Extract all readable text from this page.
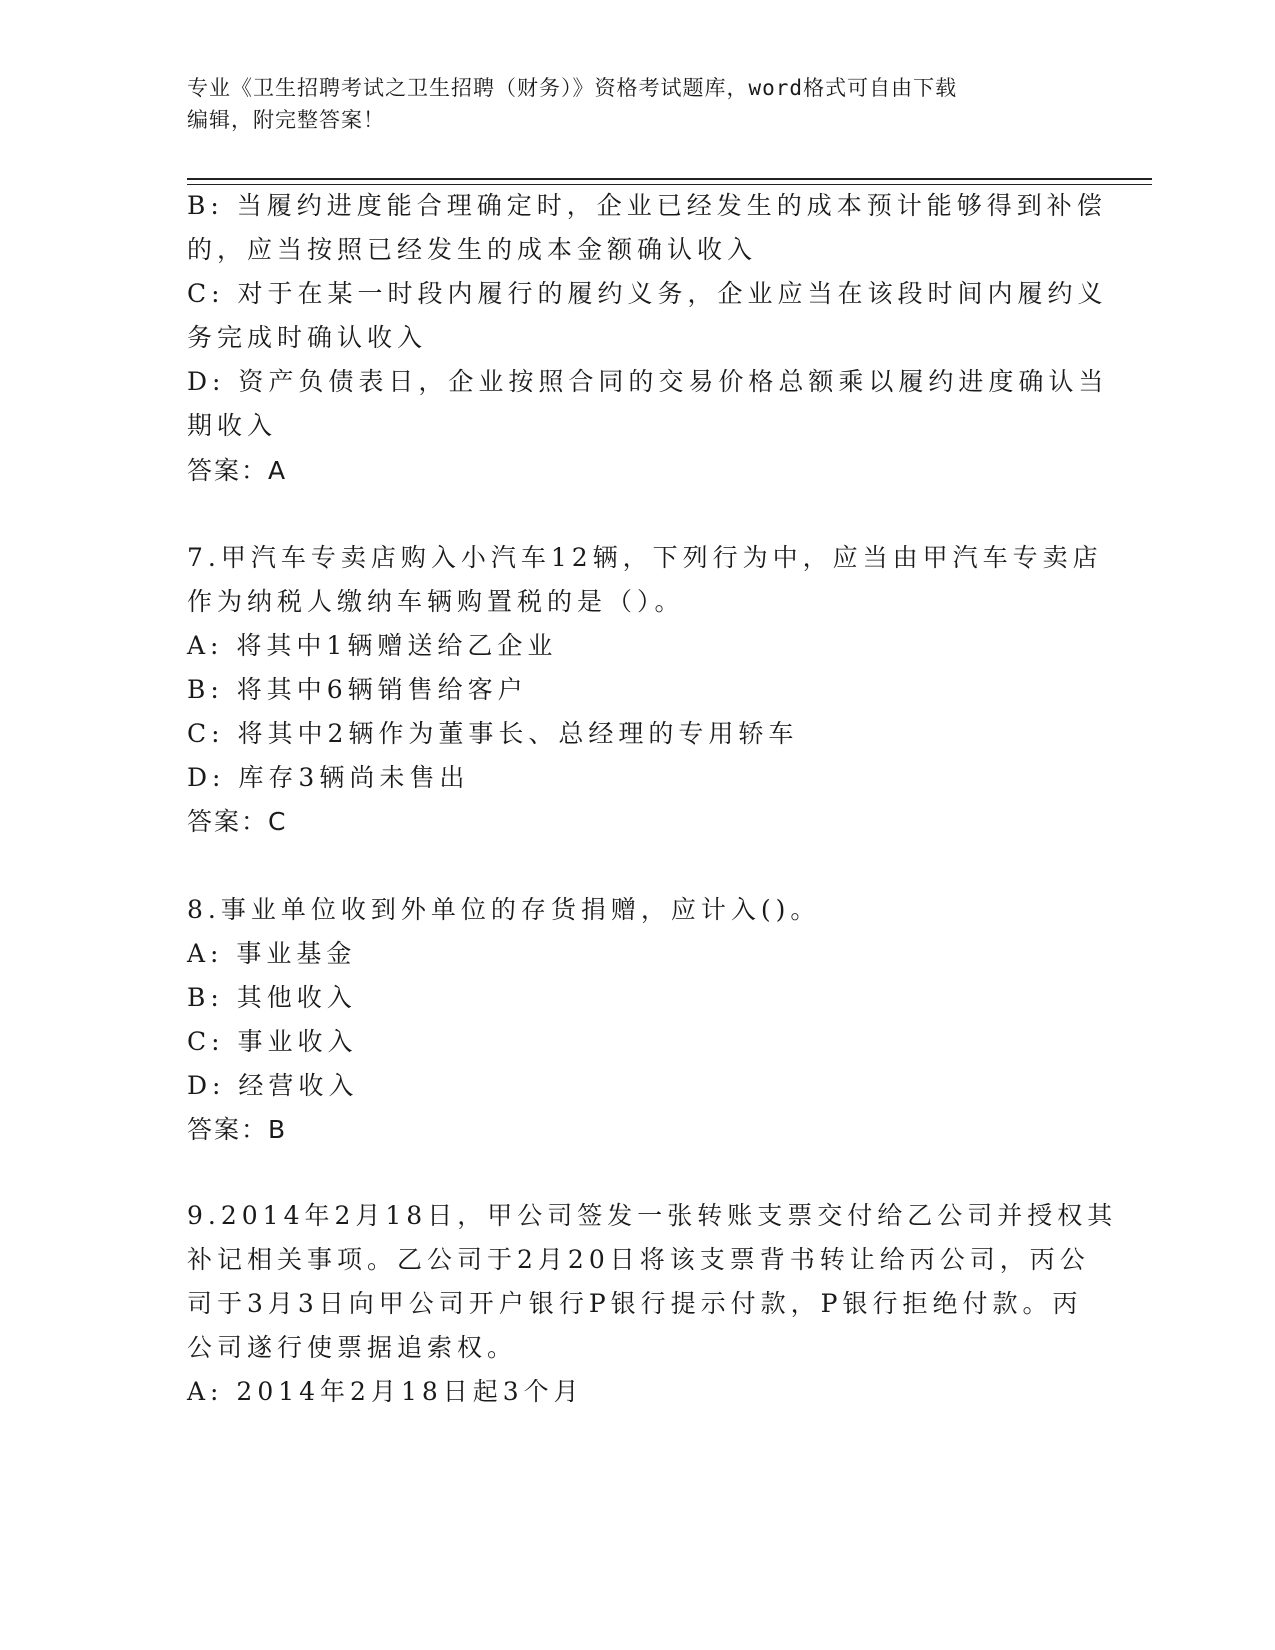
专业《卫生招聘考试之卫生招聘（财务）》资格考试题库，word格式可自由下载
编辑，附完整答案！
B: 当履约进度能合理确定时，企业已经发生的成本预计能够得到补偿
的，应当按照已经发生的成本金额确认收入
C: 对于在某一时段内履行的履约义务，企业应当在该段时间内履约义
务完成时确认收入
D: 资产负债表日，企业按照合同的交易价格总额乘以履约进度确认当
期收入
答案：A
7.甲汽车专卖店购入小汽车12辆，下列行为中，应当由甲汽车专卖店
作为纳税人缴纳车辆购置税的是（）。
A: 将其中1辆赠送给乙企业
B: 将其中6辆销售给客户
C: 将其中2辆作为董事长、总经理的专用轿车
D: 库存3辆尚未售出
答案：C
8.事业单位收到外单位的存货捐赠，应计入()。
A: 事业基金
B: 其他收入
C: 事业收入
D: 经营收入
答案：B
9.2014年2月18日，甲公司签发一张转账支票交付给乙公司并授权其
补记相关事项。乙公司于2月20日将该支票背书转让给丙公司，丙公
司于3月3日向甲公司开户银行P银行提示付款，P银行拒绝付款。丙
公司遂行使票据追索权。
A: 2014年2月18日起3个月
